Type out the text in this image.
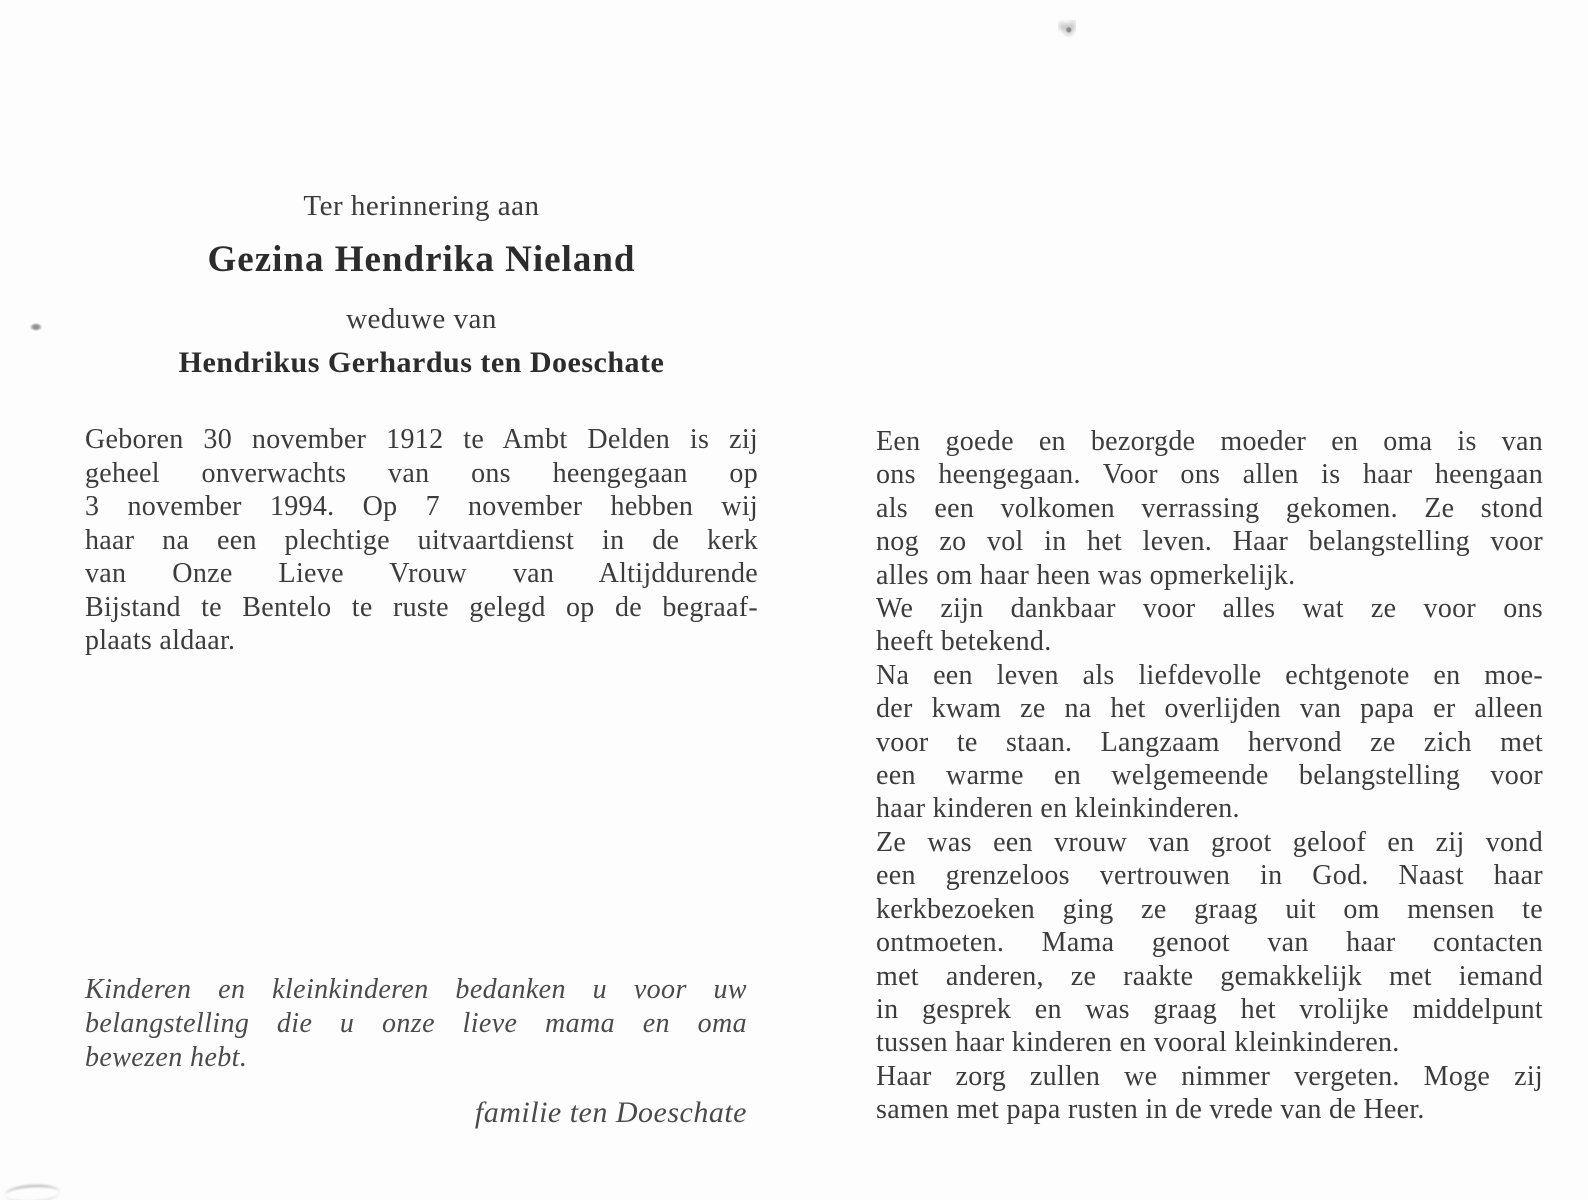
Ter herinnering aan
Gezina Hendrika Nieland
weduwe van
Hendrikus Gerhardus ten Doeschate
Geboren 30 november 1912 te Ambt Delden is zij
geheel onverwachts van ons heengegaan op
3 november 1994. Op 7 november hebben wij
haar na een plechtige uitvaartdienst in de kerk
van Onze Lieve Vrouw van Altijddurende
Bijstand te Bentelo te ruste gelegd op de begraaf-
plaats aldaar.
Kinderen en kleinkinderen bedanken u voor uw
belangstelling die u onze lieve mama en oma
bewezen hebt.
familie ten Doeschate
Een goede en bezorgde moeder en oma is van
ons heengegaan. Voor ons allen is haar heengaan
als een volkomen verrassing gekomen. Ze stond
nog zo vol in het leven. Haar belangstelling voor
alles om haar heen was opmerkelijk.
We zijn dankbaar voor alles wat ze voor ons
heeft betekend.
Na een leven als liefdevolle echtgenote en moe-
der kwam ze na het overlijden van papa er alleen
voor te staan. Langzaam hervond ze zich met
een warme en welgemeende belangstelling voor
haar kinderen en kleinkinderen.
Ze was een vrouw van groot geloof en zij vond
een grenzeloos vertrouwen in God. Naast haar
kerkbezoeken ging ze graag uit om mensen te
ontmoeten. Mama genoot van haar contacten
met anderen, ze raakte gemakkelijk met iemand
in gesprek en was graag het vrolijke middelpunt
tussen haar kinderen en vooral kleinkinderen.
Haar zorg zullen we nimmer vergeten. Moge zij
samen met papa rusten in de vrede van de Heer.
